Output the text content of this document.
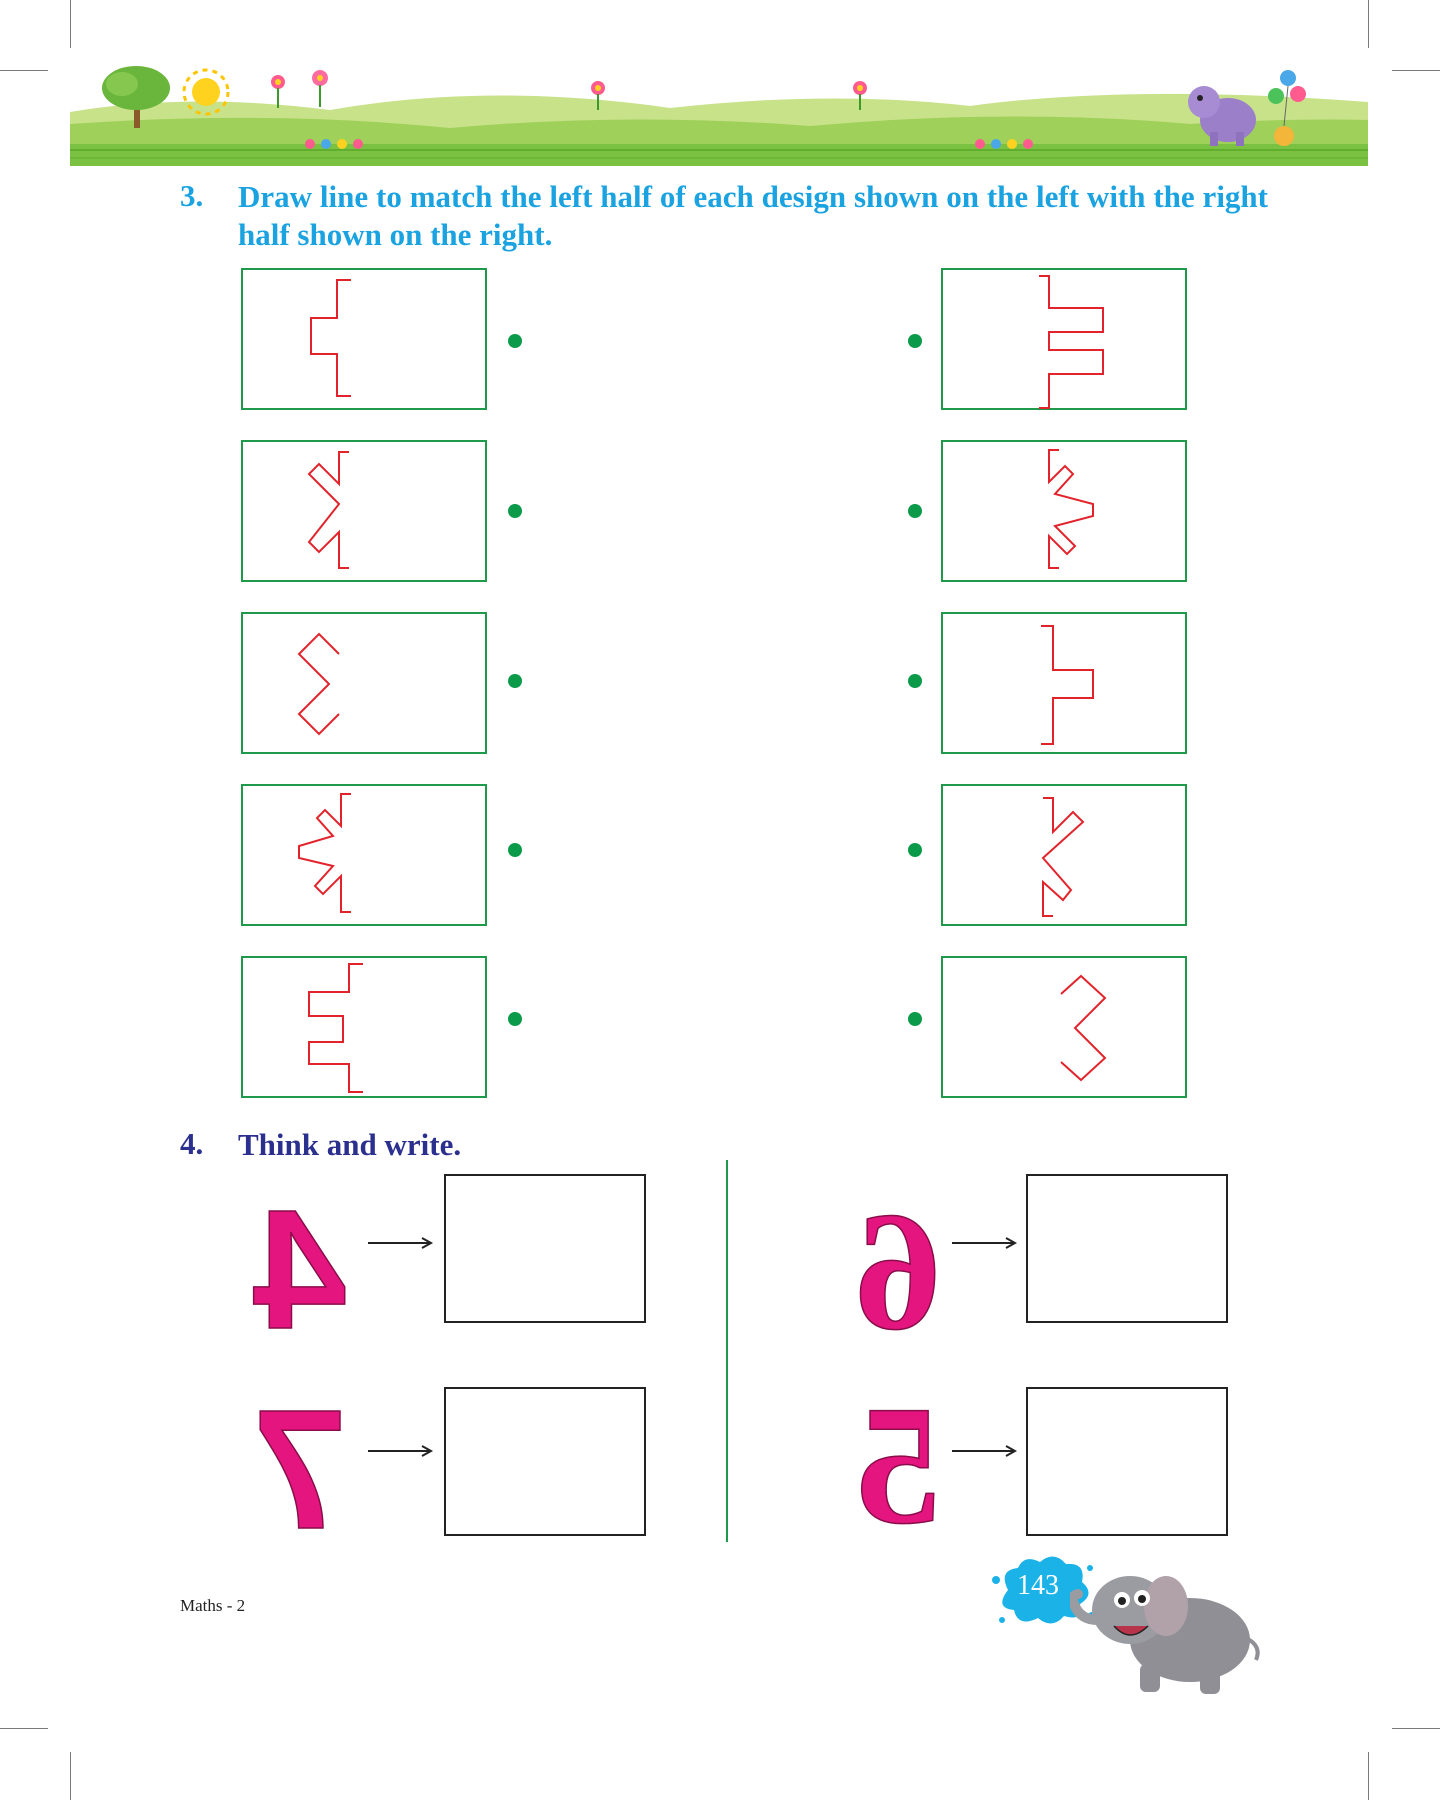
3. Draw line to match the left half of each design shown on the left with the right half shown on the right.

4. Think and write.
4
7
6
5
Maths - 2
143
